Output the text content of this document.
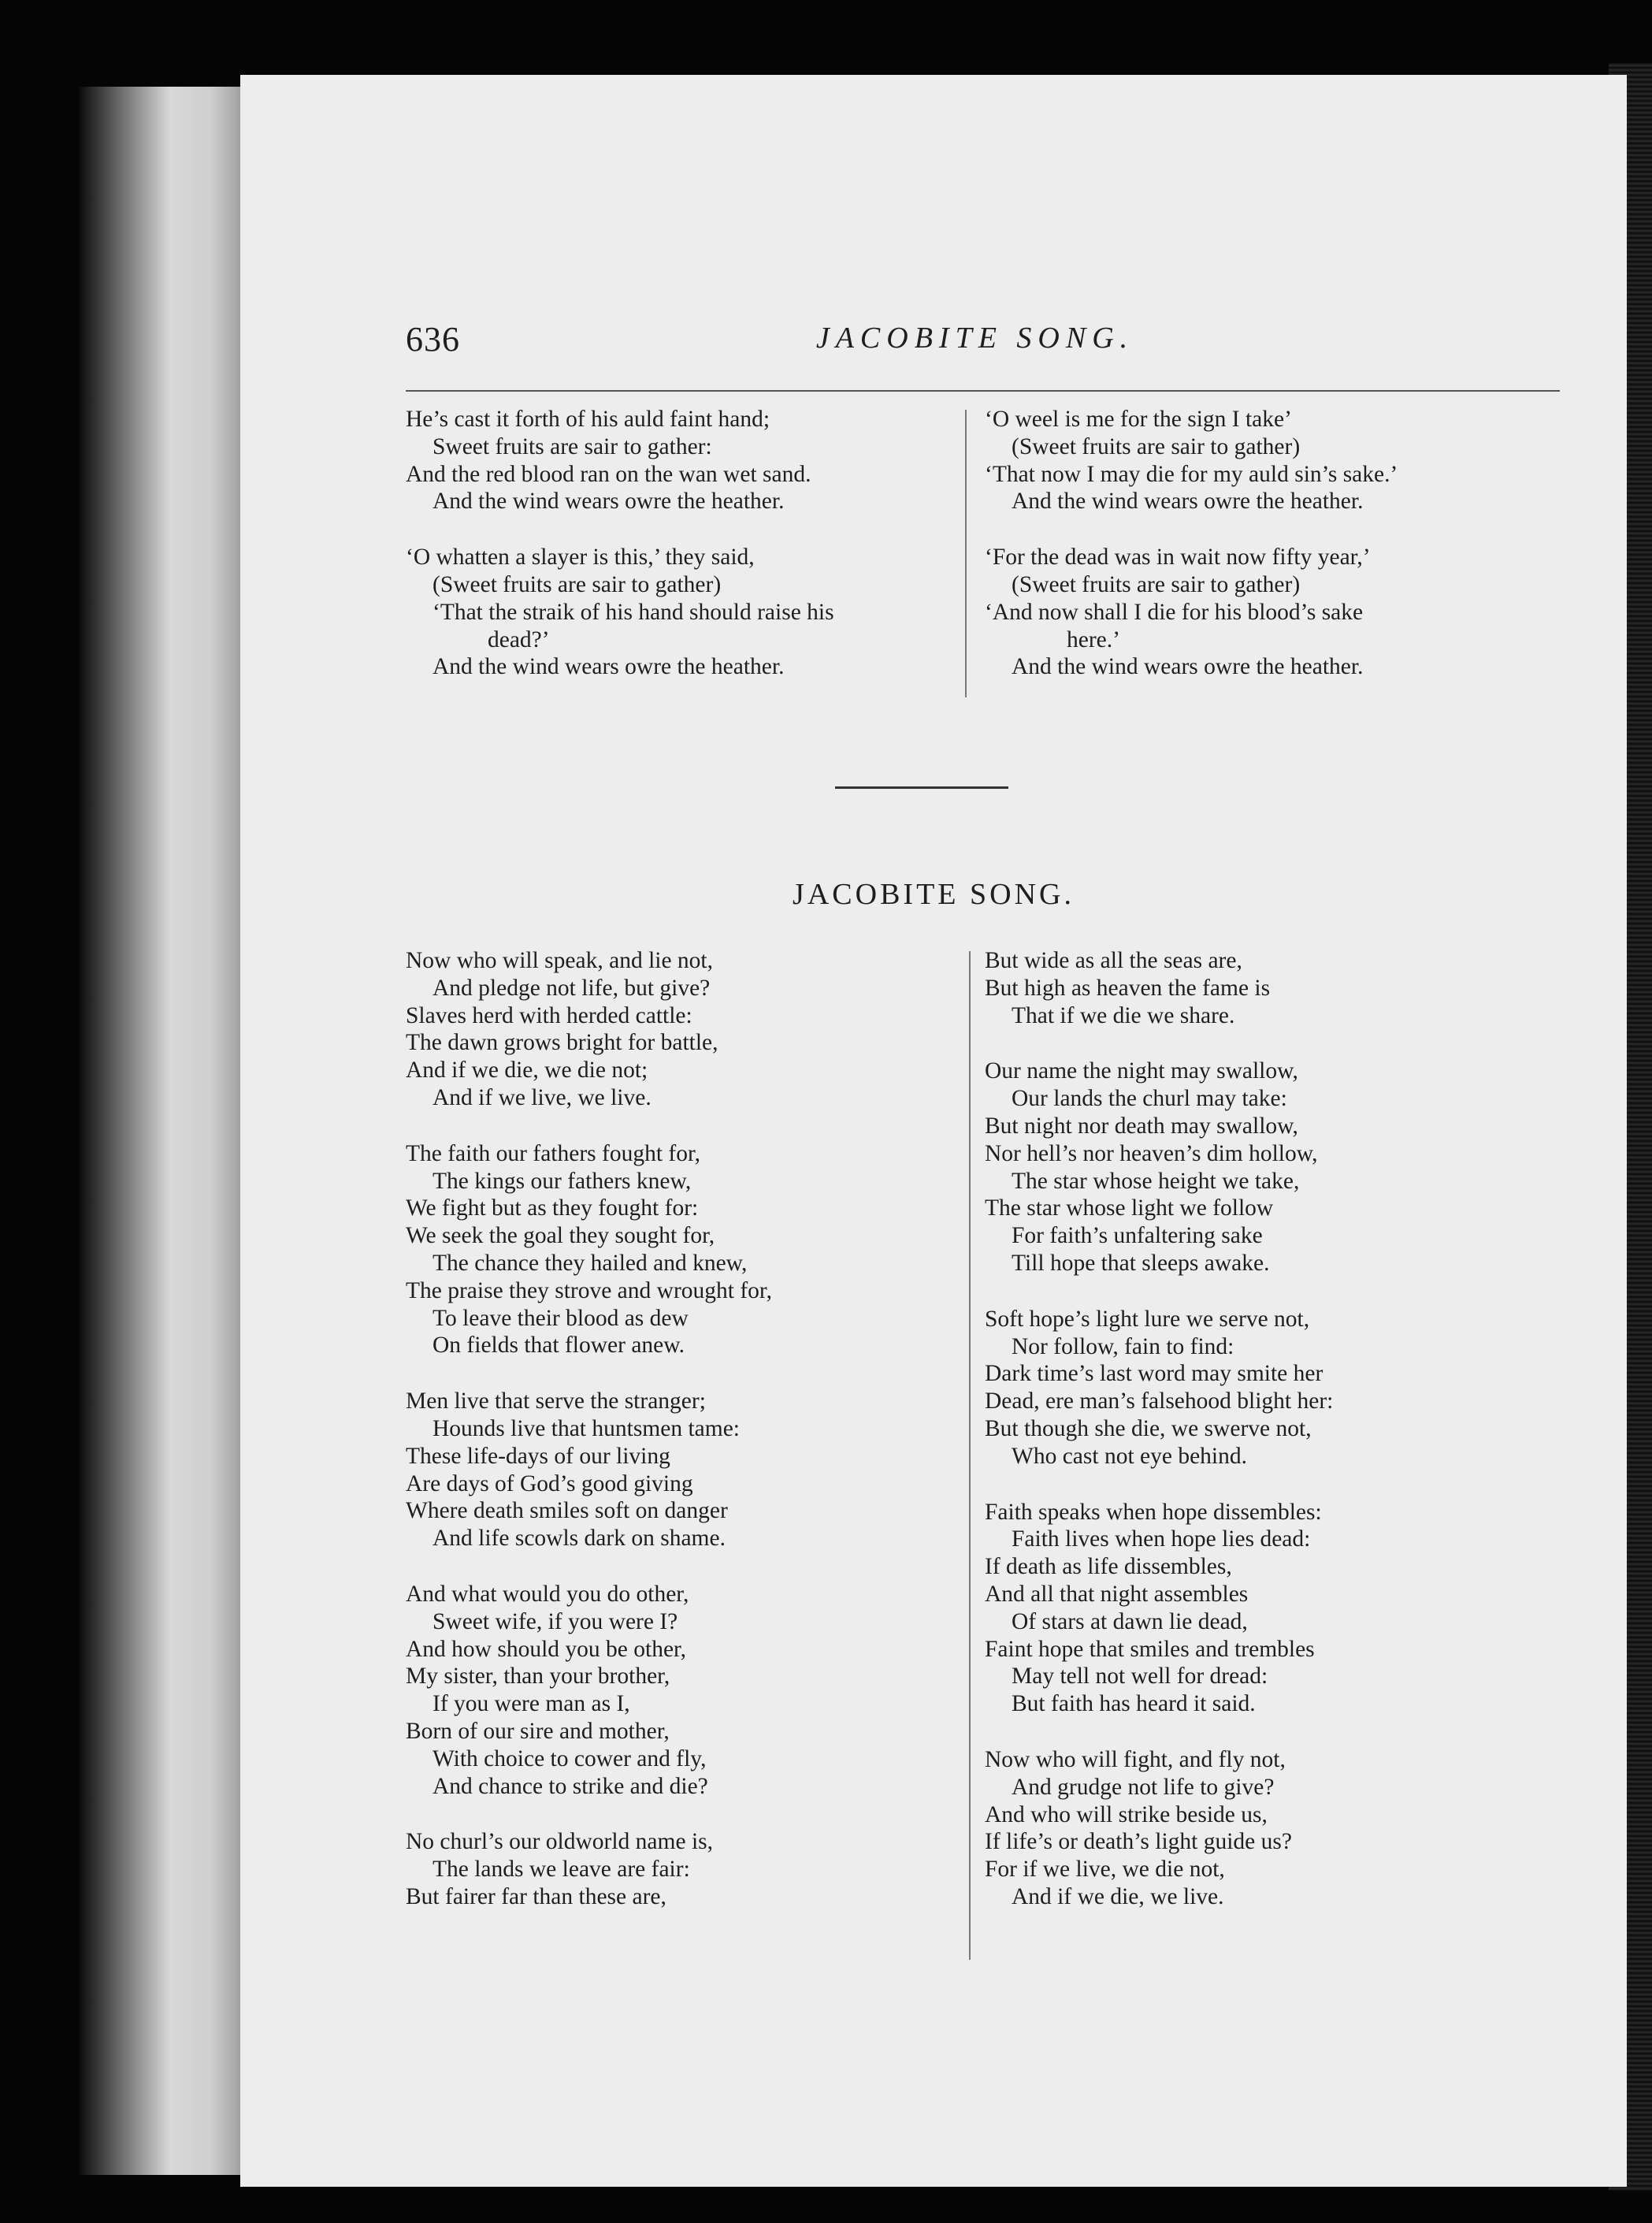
636	JACOBITE SONG.

He’s cast it forth of his auld faint hand;

Sweet fruits are sair to gather:

And the red blood ran on the wan wet sand.

And the wind wears owre the heather.

‘O whatten a slayer is this,’ they said,

(Sweet fruits are sair to gather)

‘That the straik of his hand should raise his

dead?’

And the wind wears owre the heather.

‘O weel is me for the sign I take’

(Sweet fruits are sair to gather)

‘That now I may die for my auld sin’s sake.’

And the wind wears owre the heather.

‘For the dead was in wait now fifty year,’

(Sweet fruits are sair to gather)

‘And now shall I die for his blood’s sake

here.’

And the wind wears owre the heather.

JACOBITE SONG.

Now who will speak, and lie not,

And pledge not life, but give?

Slaves herd with herded cattle:

The dawn grows bright for battle,

And if we die, we die not;

And if we live, we live.

The faith our fathers fought for,

The kings our fathers knew,

We fight but as they fought for:

We seek the goal they sought for,

The chance they hailed and knew,

The praise they strove and wrought for,

To leave their blood as dew

On fields that flower anew.

Men live that serve the stranger;

Hounds live that huntsmen tame:

These life-days of our living

Are days of God’s good giving

Where death smiles soft on danger

And life scowls dark on shame.

And what would you do other,

Sweet wife, if you were I?

And how should you be other,

My sister, than your brother,

If you were man as I,

Born of our sire and mother,

With choice to cower and fly,

And chance to strike and die?

No churl’s our oldworld name is,

The lands we leave are fair:

But fairer far than these are,

But wide as all the seas are,

But high as heaven the fame is

That if we die we share.

Our name the night may swallow,

Our lands the churl may take:

But night nor death may swallow,

Nor hell’s nor heaven’s dim hollow,

The star whose height we take,

The star whose light we follow

For faith’s unfaltering sake

Till hope that sleeps awake.

Soft hope’s light lure we serve not,

Nor follow, fain to find:

Dark time’s last word may smite her

Dead, ere man’s falsehood blight her:

But though she die, we swerve not,

Who cast not eye behind.

Faith speaks when hope dissembles:

Faith lives when hope lies dead:

If death as life dissembles,

And all that night assembles

Of stars at dawn lie dead,

Faint hope that smiles and trembles

May tell not well for dread:

But faith has heard it said.

Now who will fight, and fly not,

And grudge not life to give?

And who will strike beside us,

If life’s or death’s light guide us?

For if we live, we die not,

And if we die, we live.
